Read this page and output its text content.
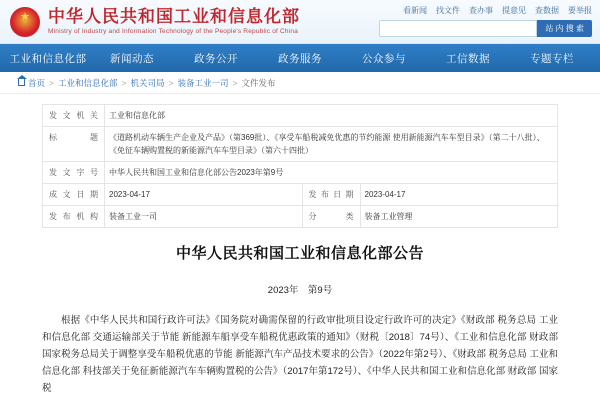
★
中华人民共和国工业和信息化部
Ministry of Industry and Information Technology of the People's Republic of China
看新闻 找文件 查办事 提意见 查数据 要举报
站 内 搜 索
工业和信息化部	新闻动态	政务公开	政务服务	公众参与	工信数据	专题专栏
首页 > 工业和信息化部 > 机关司局 > 装备工业一司 > 文件发布
发文机关	工业和信息化部		
标　题	《道路机动车辆生产企业及产品》（第369批）、《享受车船税减免优惠的节约能源 使用新能源汽车车型目录》（第二十八批）、《免征车辆购置税的新能源汽车车型目录》（第六十四批）		
发文字号	中华人民共和国工业和信息化部公告2023年第9号		
成文日期	2023-04-17	发布日期	2023-04-17
发布机构	装备工业一司	分　类	装备工业管理
中华人民共和国工业和信息化部公告
2023年　第9号
根据《中华人民共和国行政许可法》《国务院对确需保留的行政审批项目设定行政许可的决定》《财政部 税务总局 工业和信息化部 交通运输部关于节能 新能源车船享受车船税优惠政策的通知》（财税〔2018〕74号）、《工业和信息化部 财政部 国家税务总局关于调整享受车船税优惠的节能 新能源汽车产品技术要求的公告》（2022年第2号）、《财政部 税务总局 工业和信息化部 科技部关于免征新能源汽车车辆购置税的公告》（2017年第172号）、《中华人民共和国工业和信息化部 财政部 国家税
